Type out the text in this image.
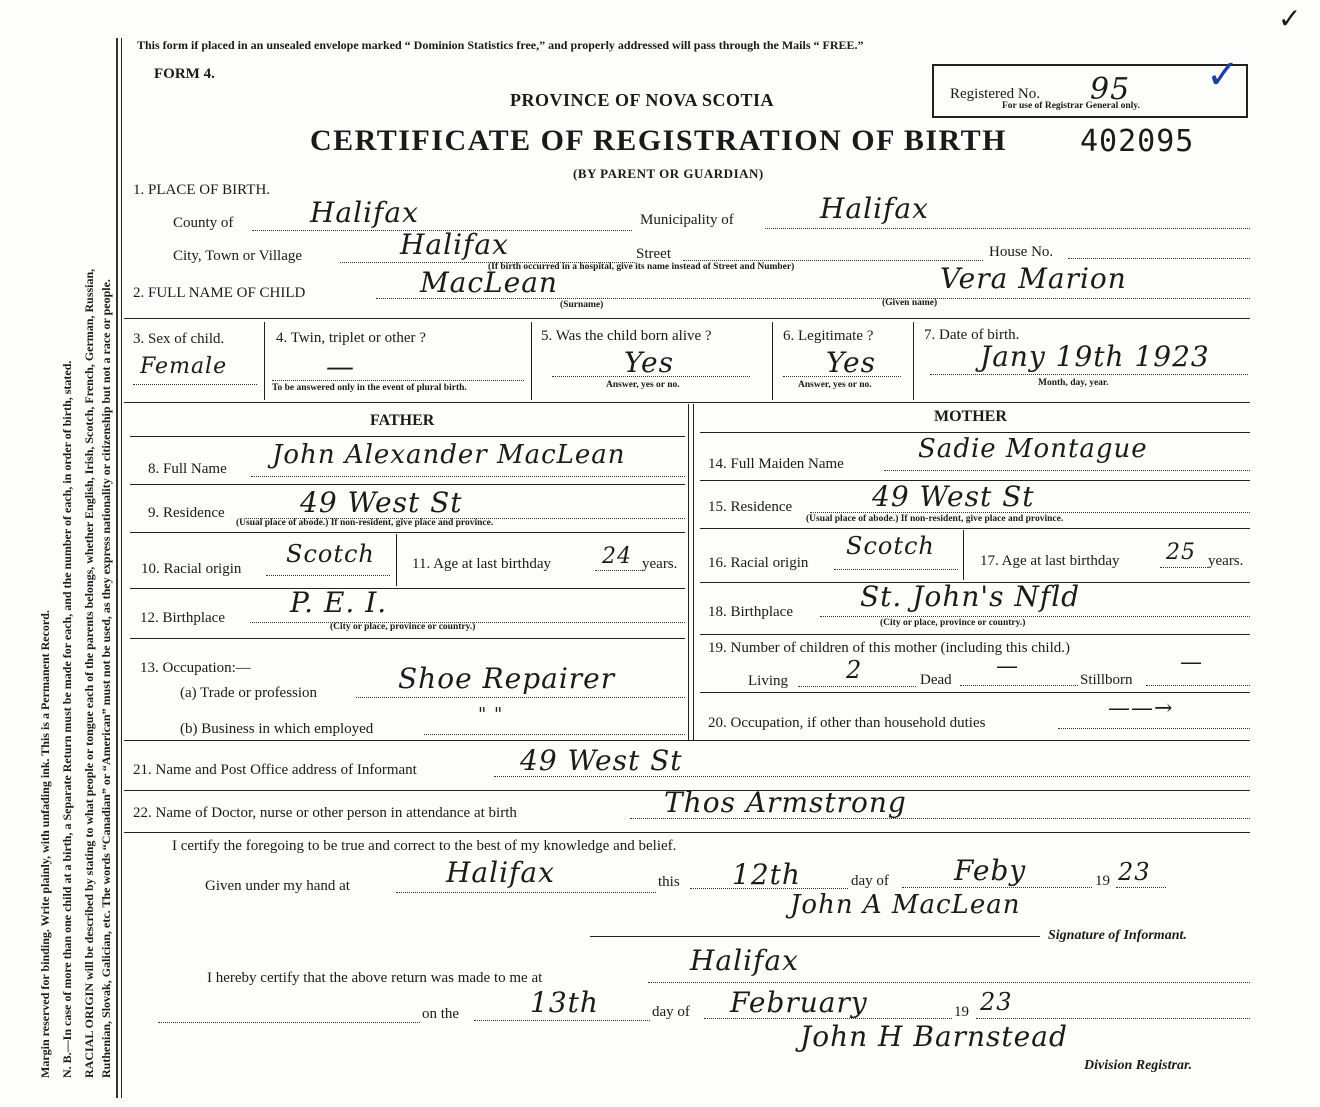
Margin reserved for binding. Write plainly, with unfading ink. This is a Permanent Record. N. B.—In case of more than one child at a birth, a Separate Return must be made for each, and the number of each, in order of birth, stated. RACIAL ORIGIN will be described by stating to what people or tongue each of the parents belongs, whether English, Irish, Scotch, French, German, Russian, Ruthenian, Slovak, Galician, etc. The words “Canadian” or “American” must not be used, as they express nationality or citizenship but not a race or people.
This form if placed in an unsealed envelope marked “ Dominion Statistics free,” and properly addressed will pass through the Mails “ FREE.”
FORM 4.
PROVINCE OF NOVA SCOTIA
CERTIFICATE OF REGISTRATION OF BIRTH 402095
(BY PARENT OR GUARDIAN)
Registered No. 95
For use of Registrar General only.
✓
✓
1. PLACE OF BIRTH.
County of	Halifax	Municipality of	Halifax
City, Town or Village	Halifax	Street	House No.
(If birth occurred in a hospital, give its name instead of Street and Number)
2. FULL NAME OF CHILD	MacLean	Vera Marion
(Surname)	(Given name)
3. Sex of child.
Female
4. Twin, triplet or other ?
—
To be answered only in the event of plural birth.
5. Was the child born alive ?
Yes
Answer, yes or no.
6. Legitimate ?
Yes
Answer, yes or no.
7. Date of birth.
Jany 19th 1923
Month, day, year.
FATHER
8. Full Name John Alexander MacLean
9. Residence	49 West St
(Usual place of abode.) If non-resident, give place and province.
10. Racial origin
Scotch 11. Age at last birthday 24 years.
12. Birthplace P. E. I.
(City or place, province or country.)
13. Occupation:—
(a) Trade or profession	Shoe Repairer
(b) Business in which employed
" "
MOTHER
14. Full Maiden Name	Sadie Montague
15. Residence	49 West St
(Usual place of abode.) If non-resident, give place and province.
16. Racial origin
Scotch
17. Age at last birthday 25 years.
18. Birthplace St. John's Nfld
(City or place, province or country.)
19. Number of children of this mother (including this child.)
Living 2	Dead
—
Stillborn
—
20. Occupation, if other than household duties
——→
21. Name and Post Office address of Informant	49 West St
22. Name of Doctor, nurse or other person in attendance at birth	Thos Armstrong
I certify the foregoing to be true and correct to the best of my knowledge and belief.
Given under my hand at	Halifax	this 12th	day of Feby	19 23
John A MacLean
Signature of Informant.
I hereby certify that the above return was made to me at
Halifax
on the	13th	day of February	19 23
John H Barnstead
Division Registrar.
